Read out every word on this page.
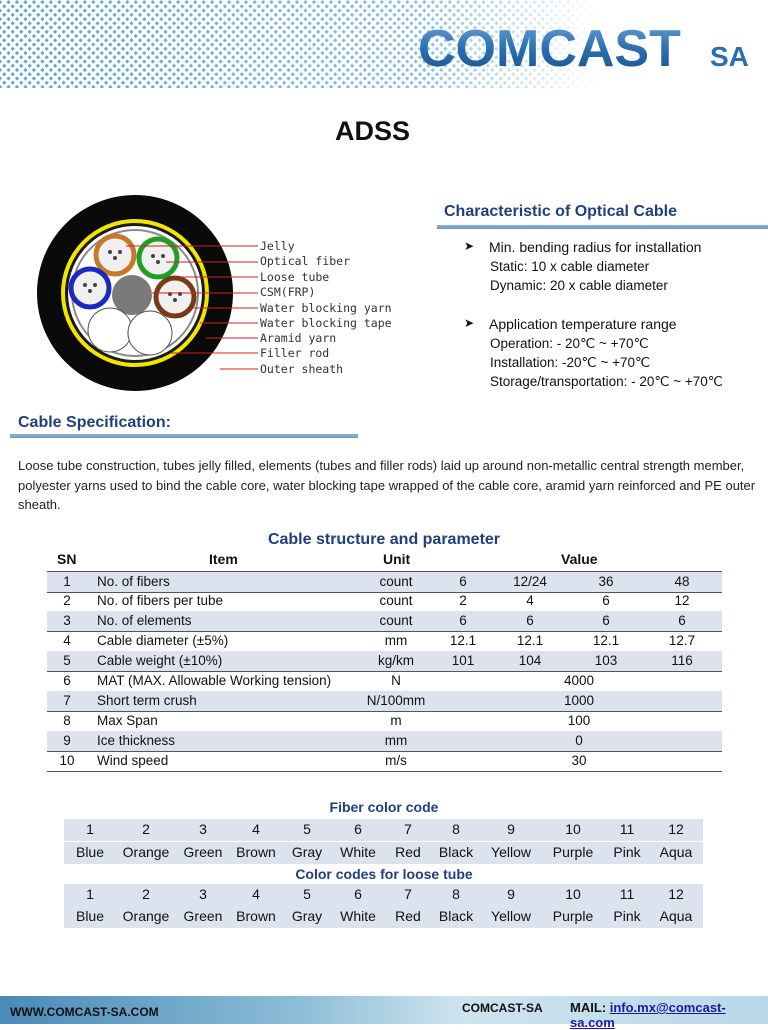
COMCAST SA
ADSS
Jelly
Optical fiber
Loose tube
CSM(FRP)
Water blocking yarn
Water blocking tape
Aramid yarn
Filler rod
Outer sheath
Characteristic of Optical Cable
➤ Min. bending radius for installation
Static: 10 x cable diameter
Dynamic: 20 x cable diameter
➤ Application temperature range
Operation: - 20℃ ~ +70℃
Installation: -20℃ ~ +70℃
Storage/transportation: - 20℃ ~ +70℃
Cable Specification:
Loose tube construction, tubes jelly filled, elements (tubes and filler rods) laid up around non-metallic central strength member, polyester yarns used to bind the cable core, water blocking tape wrapped of the cable core, aramid yarn reinforced and PE outer sheath.
Cable structure and parameter
SN	Item	Unit	Value
1 No. of fibers	count	6	12/24	36	48
2 No. of fibers per tube	count	2	4	6	12
3 No. of elements	count	6	6	6	6
4 Cable diameter (±5%)	mm	12.1	12.1	12.1	12.7
5 Cable weight (±10%)	kg/km	101	104	103	116
6 MAT (MAX. Allowable Working tension)	N	4000
7 Short term crush	N/100mm	1000
8 Max Span	m	100
9 Ice thickness	mm	0
10 Wind speed	m/s	30
Fiber color code
1	2	3	4	5	6	7	8	9	10	11 12
Blue Orange Green Brown Gray White Red Black Yellow Purple Pink Aqua
Color codes for loose tube
1	2	3	4	5	6	7	8	9	10	11 12
Blue Orange Green Brown Gray White Red Black Yellow Purple Pink Aqua
WWW.COMCAST-SA.COM	COMCAST-SA MAIL: info.mx@comcast-sa.com
